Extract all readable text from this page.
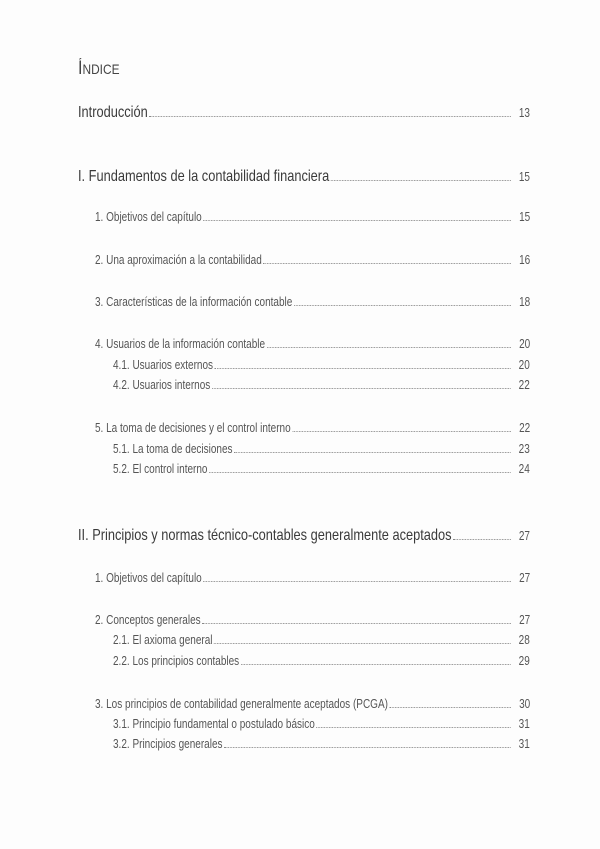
ÍNDICE
Introducción	13
I. Fundamentos de la contabilidad financiera	15
1. Objetivos del capítulo	15
2. Una aproximación a la contabilidad	16
3. Características de la información contable	18
4. Usuarios de la información contable	20
4.1. Usuarios externos	20
4.2. Usuarios internos	22
5. La toma de decisiones y el control interno	22
5.1. La toma de decisiones	23
5.2. El control interno	24
II. Principios y normas técnico-contables generalmente aceptados	27
1. Objetivos del capítulo	27
2. Conceptos generales	27
2.1. El axioma general	28
2.2. Los principios contables	29
3. Los principios de contabilidad generalmente aceptados (PCGA)	30
3.1. Principio fundamental o postulado básico	31
3.2. Principios generales	31
